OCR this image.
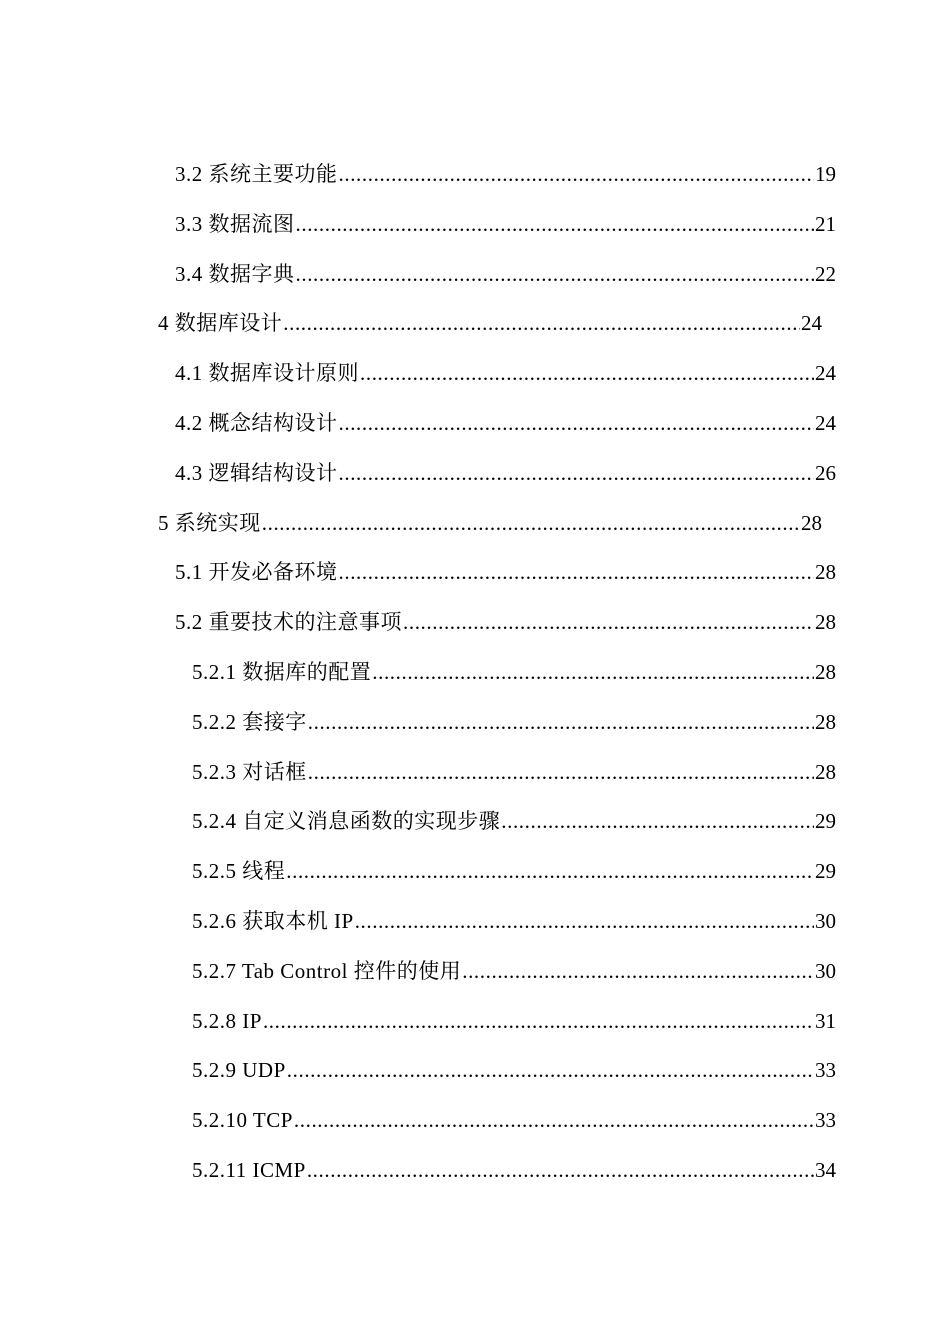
3.2 系统主要功能 .....	19
3.3 数据流图 .....	21
3.4 数据字典 .....	22
4 数据库设计 .....	24
4.1 数据库设计原则 .....	24
4.2 概念结构设计 .....	24
4.3 逻辑结构设计 .....	26
5 系统实现 .....	28
5.1 开发必备环境 .....	28
5.2 重要技术的注意事项 .....	28
5.2.1 数据库的配置 .....	28
5.2.2 套接字 .....	28
5.2.3 对话框 .....	28
5.2.4 自定义消息函数的实现步骤 .....	29
5.2.5 线程 .....	29
5.2.6 获取本机 IP .....	30
5.2.7 Tab Control 控件的使用 .....	30
5.2.8 IP .....	31
5.2.9 UDP .....	33
5.2.10 TCP .....	33
5.2.11 ICMP .....	34
